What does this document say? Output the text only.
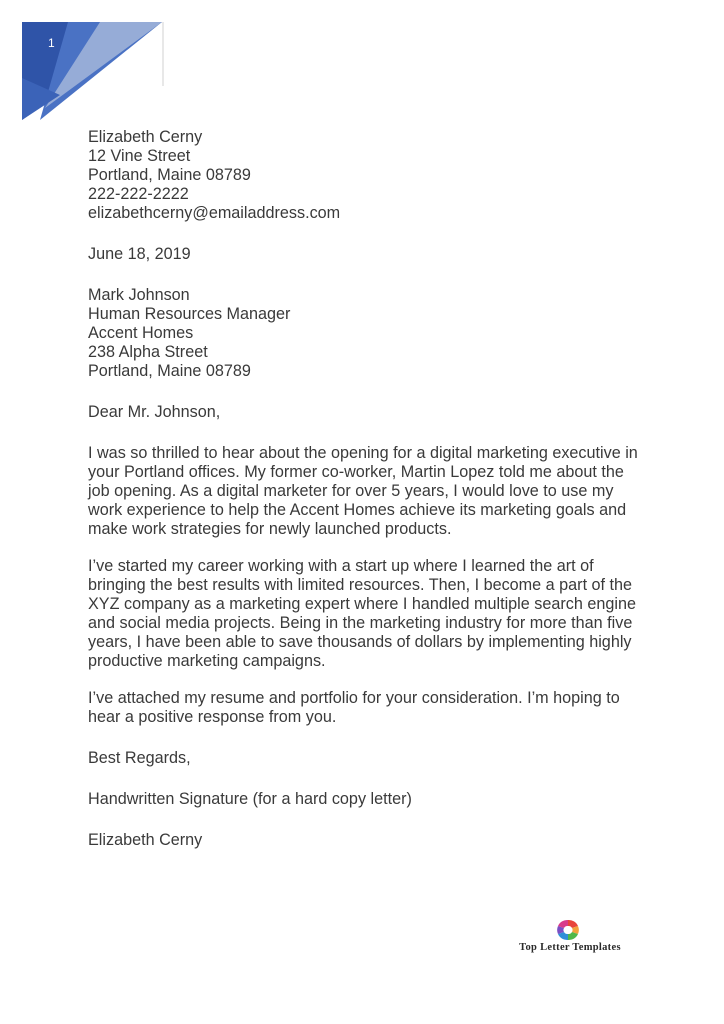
1
Elizabeth Cerny
12 Vine Street
Portland, Maine 08789
222-222-2222
elizabethcerny@emailaddress.com
June 18, 2019
Mark Johnson
Human Resources Manager
Accent Homes
238 Alpha Street
Portland, Maine 08789
Dear Mr. Johnson,

I was so thrilled to hear about the opening for a digital marketing executive in your Portland offices. My former co-worker, Martin Lopez told me about the job opening. As a digital marketer for over 5 years, I would love to use my work experience to help the Accent Homes achieve its marketing goals and make work strategies for newly launched products.

I’ve started my career working with a start up where I learned the art of bringing the best results with limited resources. Then, I become a part of the XYZ company as a marketing expert where I handled multiple search engine and social media projects. Being in the marketing industry for more than five years, I have been able to save thousands of dollars by implementing highly productive marketing campaigns.

I’ve attached my resume and portfolio for your consideration. I’m hoping to hear a positive response from you.

Best Regards,
Handwritten Signature (for a hard copy letter)
Elizabeth Cerny
Top Letter Templates
